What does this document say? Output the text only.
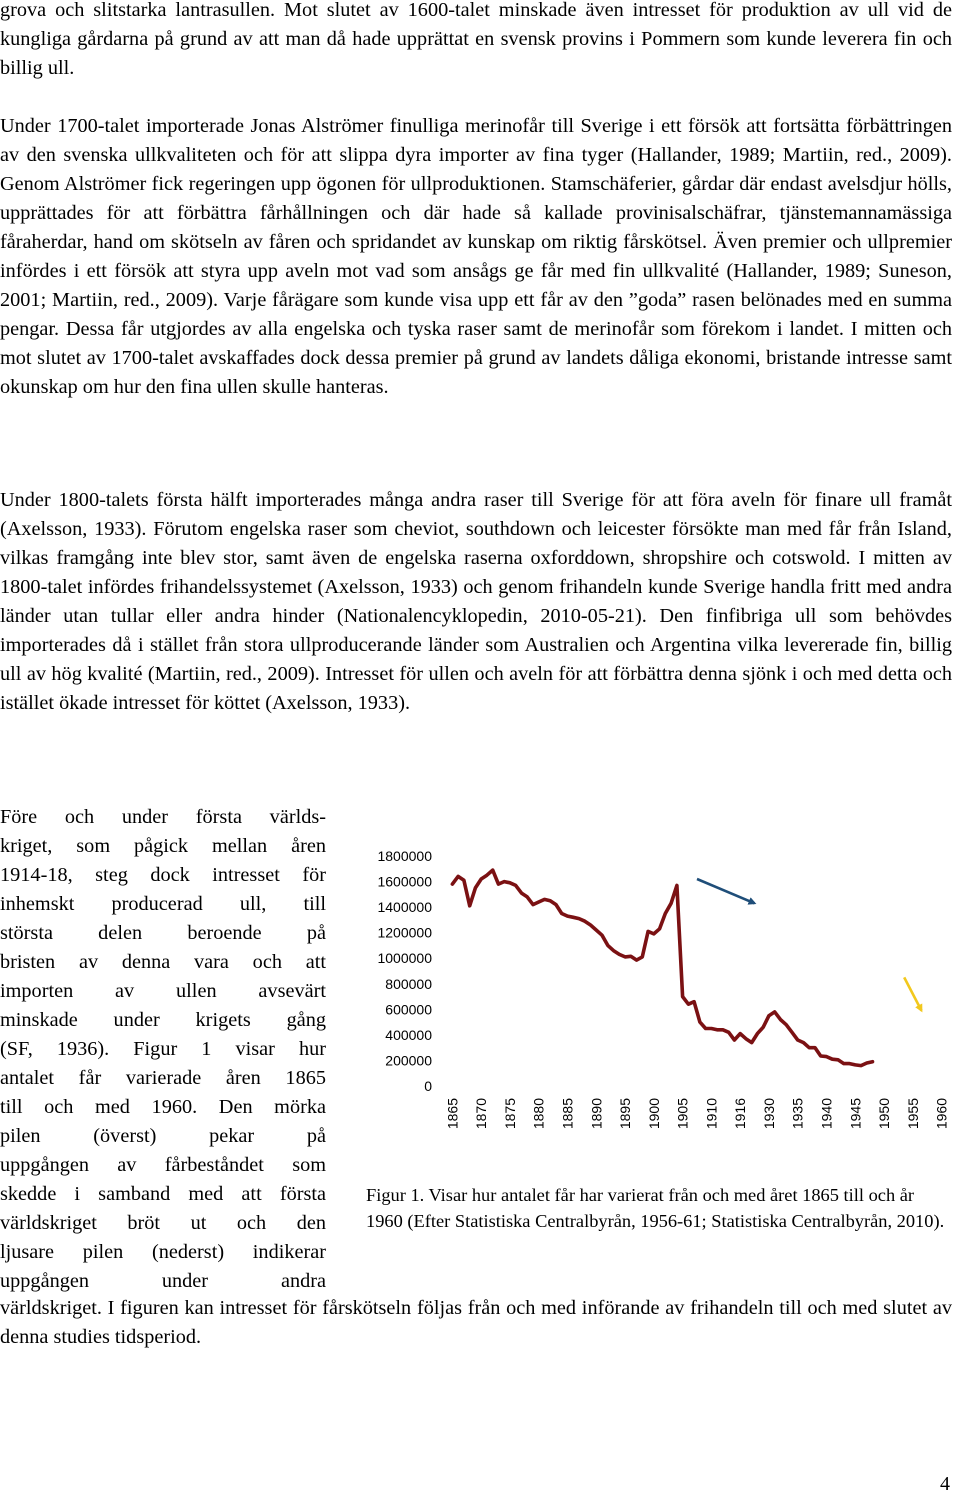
grova och slitstarka lantrasullen. Mot slutet av 1600-talet minskade även intresset för produktion av ull vid de kungliga gårdarna på grund av att man då hade upprättat en svensk provins i Pommern som kunde leverera fin och billig ull.

Under 1700-talet importerade Jonas Alströmer finulliga merinofår till Sverige i ett försök att fortsätta förbättringen av den svenska ullkvaliteten och för att slippa dyra importer av fina tyger (Hallander, 1989; Martiin, red., 2009). Genom Alströmer fick regeringen upp ögonen för ullproduktionen. Stamschäferier, gårdar där endast avelsdjur hölls, upprättades för att förbättra fårhållningen och där hade så kallade provinisalschäfrar, tjänstemannamässiga fåraherdar, hand om skötseln av fåren och spridandet av kunskap om riktig fårskötsel. Även premier och ullpremier infördes i ett försök att styra upp aveln mot vad som ansågs ge får med fin ullkvalité (Hallander, 1989; Suneson, 2001; Martiin, red., 2009). Varje fårägare som kunde visa upp ett får av den ”goda” rasen belönades med en summa pengar. Dessa får utgjordes av alla engelska och tyska raser samt de merinofår som förekom i landet. I mitten och mot slutet av 1700-talet avskaffades dock dessa premier på grund av landets dåliga ekonomi, bristande intresse samt okunskap om hur den fina ullen skulle hanteras.

Under 1800-talets första hälft importerades många andra raser till Sverige för att föra aveln för finare ull framåt (Axelsson, 1933). Förutom engelska raser som cheviot, southdown och leicester försökte man med får från Island, vilkas framgång inte blev stor, samt även de engelska raserna oxforddown, shropshire och cotswold. I mitten av 1800-talet infördes frihandelssystemet (Axelsson, 1933) och genom frihandeln kunde Sverige handla fritt med andra länder utan tullar eller andra hinder (Nationalencyklopedin, 2010-05-21). Den finfibriga ull som behövdes importerades då i stället från stora ullproducerande länder som Australien och Argentina vilka levererade fin, billig ull av hög kvalité (Martiin, red., 2009). Intresset för ullen och aveln för att förbättra denna sjönk i och med detta och istället ökade intresset för köttet (Axelsson, 1933).

Före och under första världs-
kriget, som pågick mellan åren
1914-18, steg dock intresset för
inhemskt producerad ull, till
största delen beroende på
bristen av denna vara och att
importen av ullen avsevärt
minskade under krigets gång
(SF, 1936). Figur 1 visar hur
antalet får varierade åren 1865
till och med 1960. Den mörka
pilen (överst) pekar på
uppgången av fårbeståndet som
skedde i samband med att första
världskriget bröt ut och den
ljusare pilen (nederst) indikerar
uppgången under andra

1800000
1600000
1400000
1200000
1000000
800000
600000
400000
200000
0
1865 1870 1875 1880 1885 1890 1895 1900 1905 1910 1916 1930 1935 1940 1945 1950 1955 1960

Figur 1. Visar hur antalet får har varierat från och med året 1865 till och år 1960 (Efter Statistiska Centralbyrån, 1956-61; Statistiska Centralbyrån, 2010).

världskriget. I figuren kan intresset för fårskötseln följas från och med införande av frihandeln till och med slutet av denna studies tidsperiod.

4
